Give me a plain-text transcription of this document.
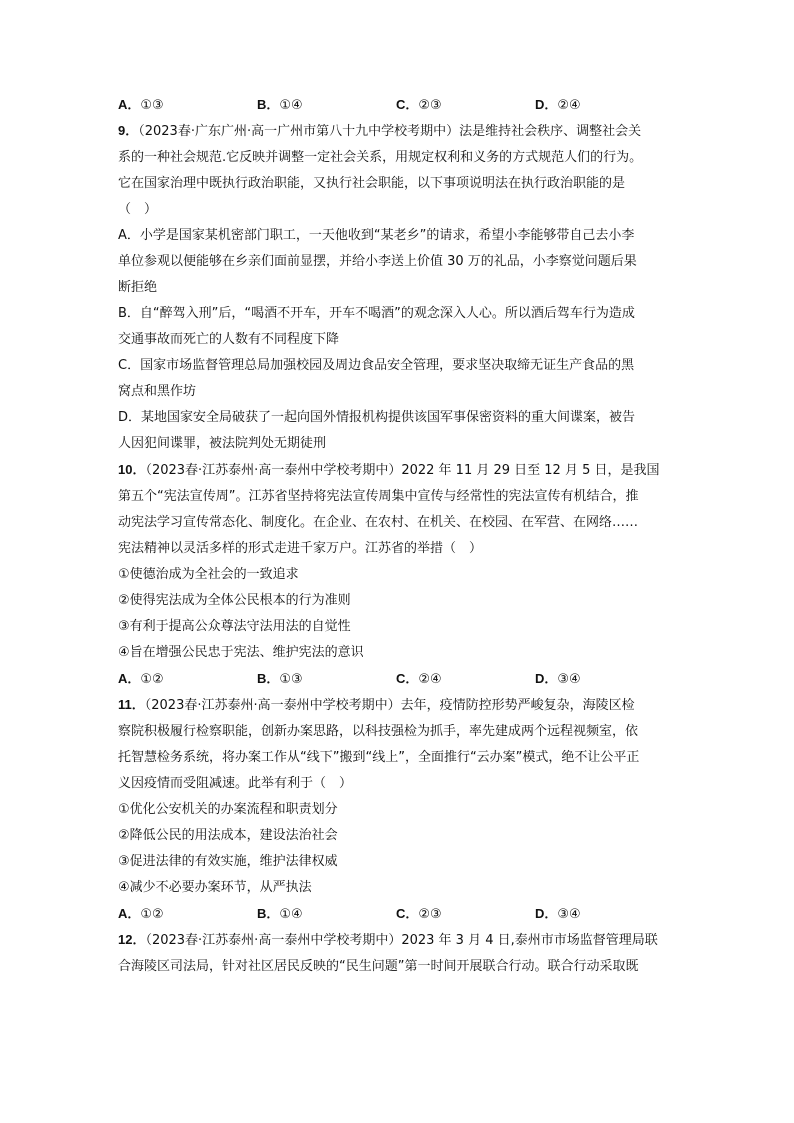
A．①③	B．①④	C．②③	D．②④
9．（2023春·广东广州·高一广州市第八十九中学校考期中）法是维持社会秩序、调整社会关
系的一种社会规范.它反映并调整一定社会关系，用规定权利和义务的方式规范人们的行为。
它在国家治理中既执行政治职能，又执行社会职能，以下事项说明法在执行政治职能的是
（　）
A．小学是国家某机密部门职工，一天他收到“某老乡”的请求，希望小李能够带自己去小李
单位参观以便能够在乡亲们面前显摆，并给小李送上价值 30 万的礼品，小李察觉问题后果
断拒绝
B．自“醉驾入刑”后，“喝酒不开车，开车不喝酒”的观念深入人心。所以酒后驾车行为造成
交通事故而死亡的人数有不同程度下降
C．国家市场监督管理总局加强校园及周边食品安全管理，要求坚决取缔无证生产食品的黑
窝点和黑作坊
D．某地国家安全局破获了一起向国外情报机构提供该国军事保密资料的重大间谍案，被告
人因犯间谍罪，被法院判处无期徒刑
10．（2023春·江苏泰州·高一泰州中学校考期中）2022 年 11 月 29 日至 12 月 5 日，是我国
第五个“宪法宣传周”。江苏省坚持将宪法宣传周集中宣传与经常性的宪法宣传有机结合，推
动宪法学习宣传常态化、制度化。在企业、在农村、在机关、在校园、在军营、在网络……
宪法精神以灵活多样的形式走进千家万户。江苏省的举措（　）
①使德治成为全社会的一致追求
②使得宪法成为全体公民根本的行为准则
③有利于提高公众尊法守法用法的自觉性
④旨在增强公民忠于宪法、维护宪法的意识
A．①②	B．①③	C．②④	D．③④
11．（2023春·江苏泰州·高一泰州中学校考期中）去年，疫情防控形势严峻复杂，海陵区检
察院积极履行检察职能，创新办案思路，以科技强检为抓手，率先建成两个远程视频室，依
托智慧检务系统，将办案工作从“线下”搬到“线上”，全面推行“云办案”模式，绝不让公平正
义因疫情而受阻减速。此举有利于（　）
①优化公安机关的办案流程和职责划分
②降低公民的用法成本，建设法治社会
③促进法律的有效实施，维护法律权威
④减少不必要办案环节，从严执法
A．①②	B．①④	C．②③	D．③④
12．（2023春·江苏泰州·高一泰州中学校考期中）2023 年 3 月 4 日,泰州市市场监督管理局联
合海陵区司法局，针对社区居民反映的“民生问题”第一时间开展联合行动。联合行动采取既
